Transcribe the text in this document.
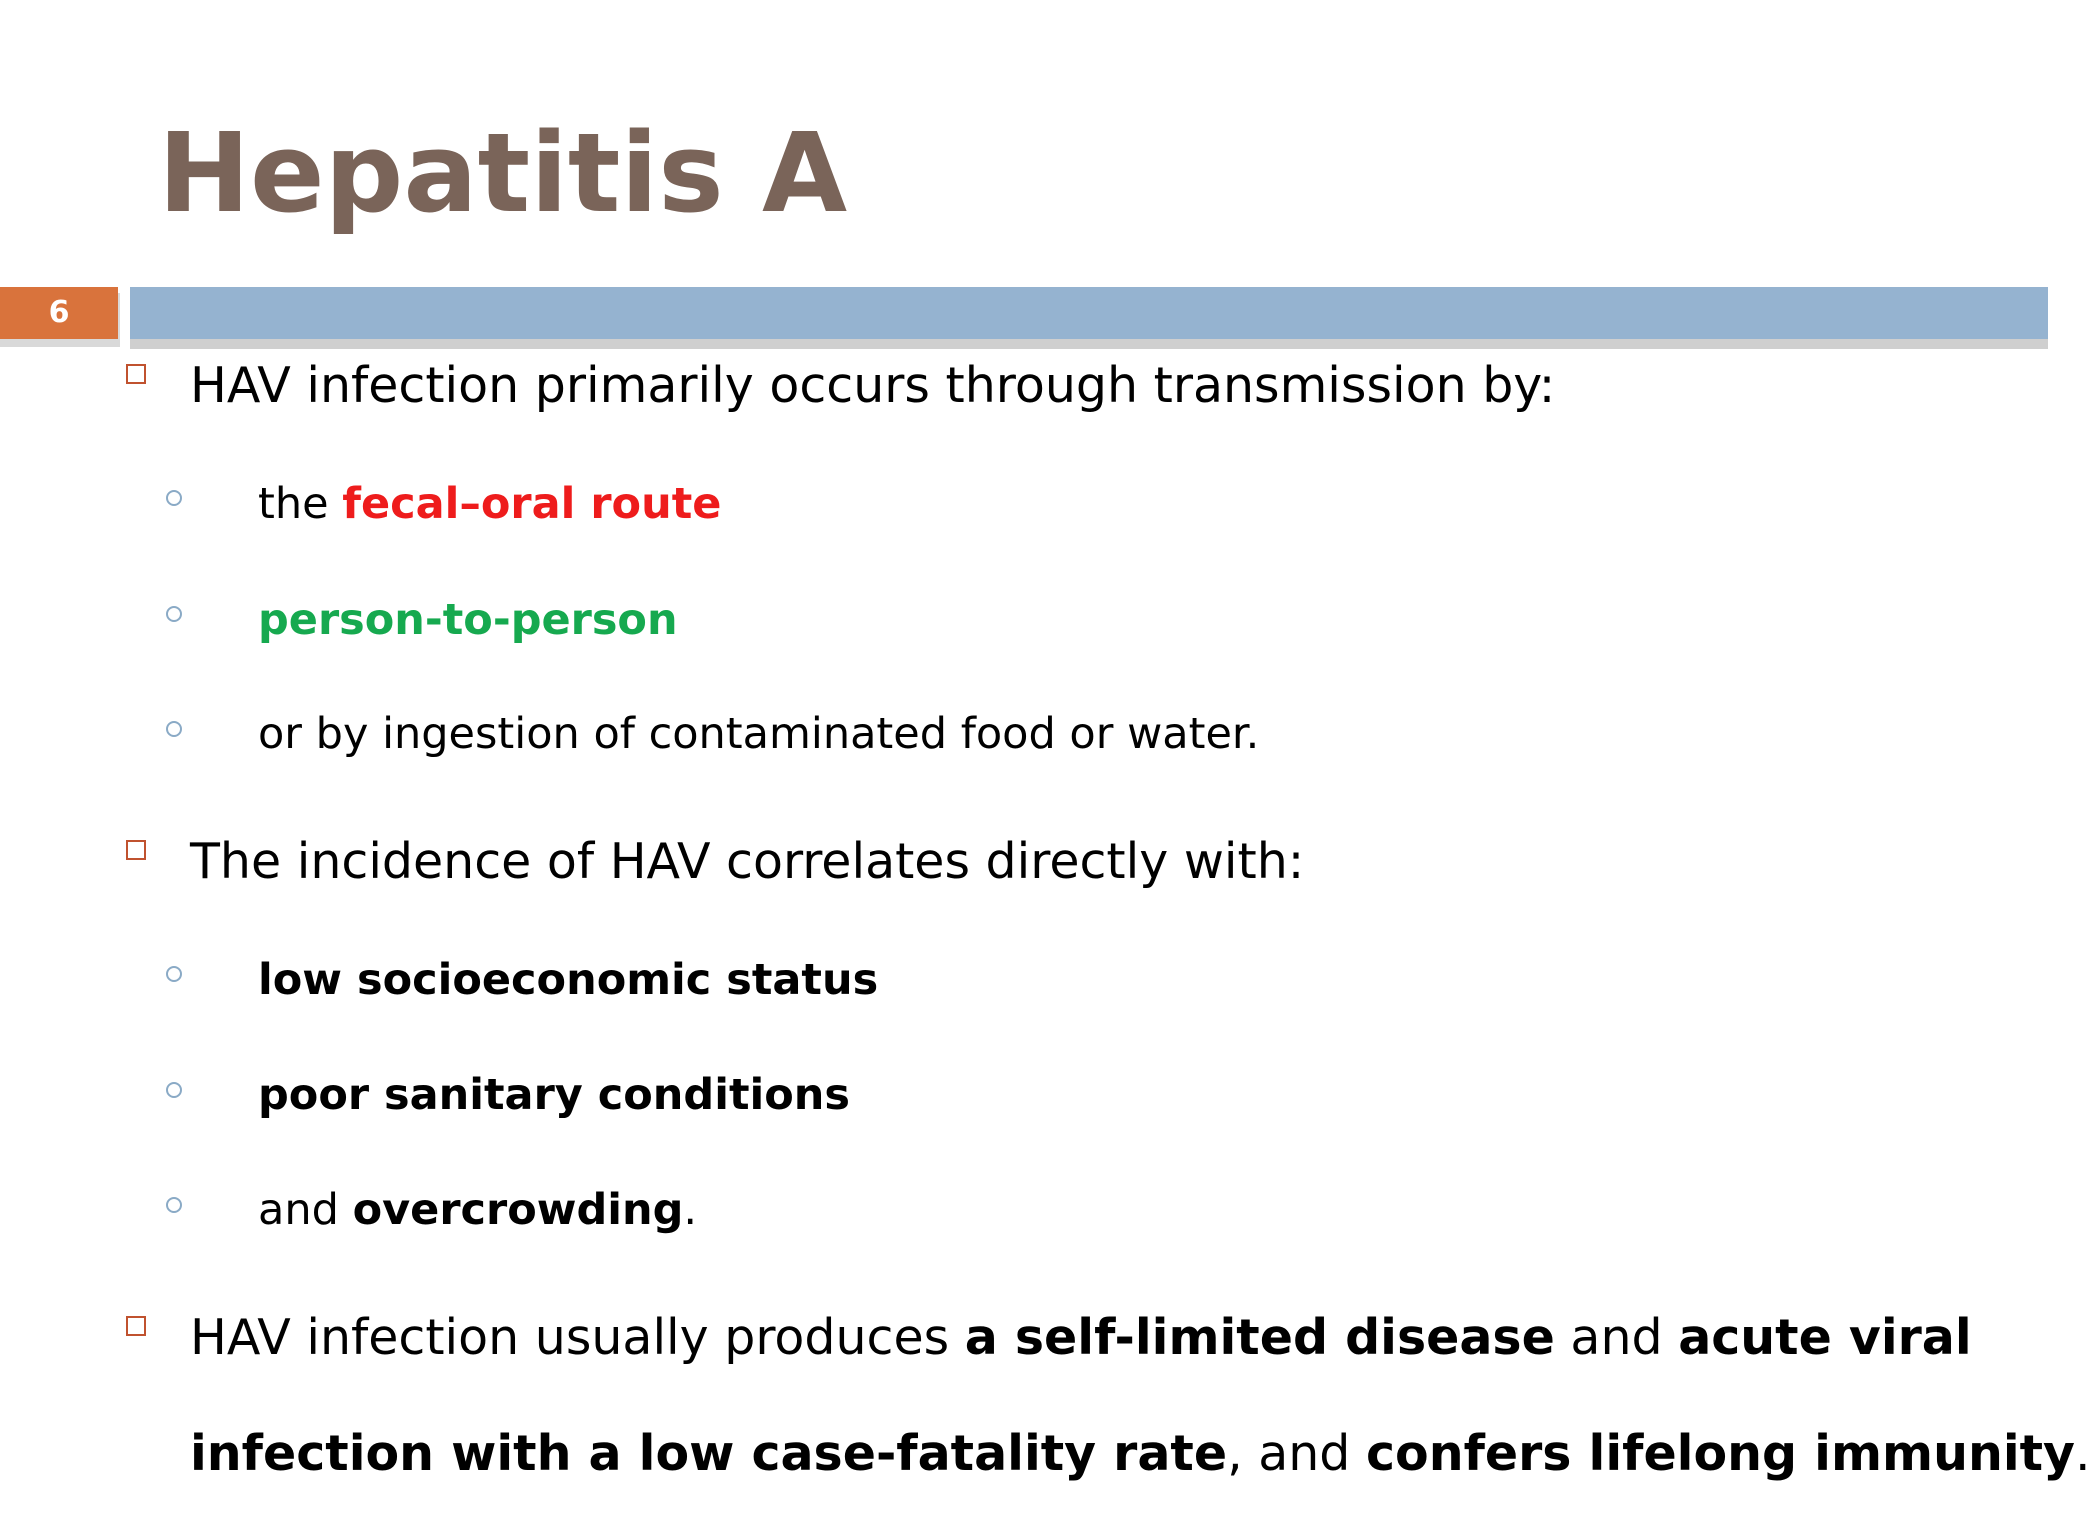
Hepatitis A
6
HAV infection primarily occurs through transmission by:
the fecal–oral route
person-to-person
or by ingestion of contaminated food or water.
The incidence of HAV correlates directly with:
low socioeconomic status
poor sanitary conditions
and overcrowding.
HAV infection usually produces a self-limited disease and acute viral
infection with a low case-fatality rate, and confers lifelong immunity.
